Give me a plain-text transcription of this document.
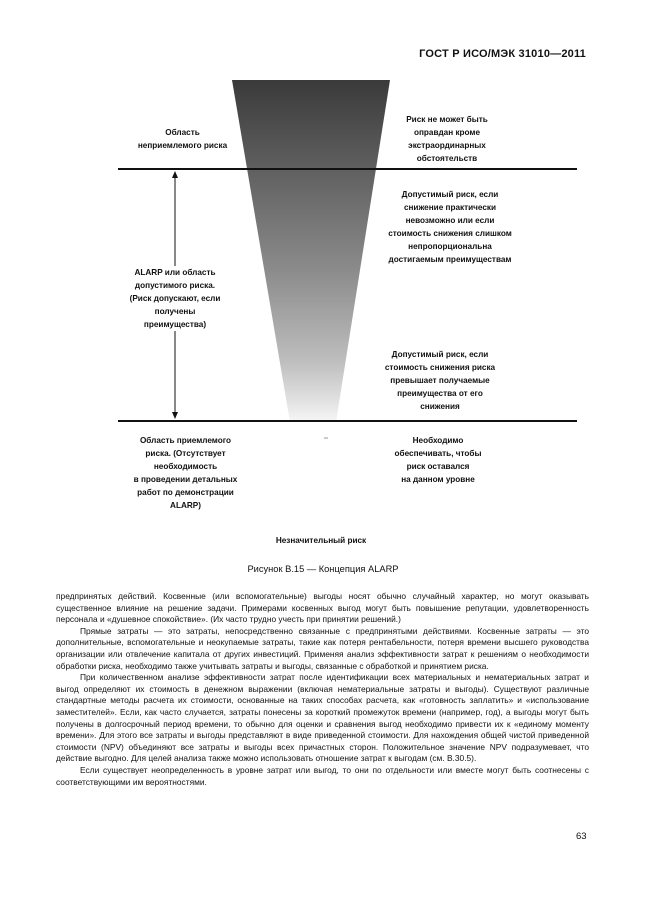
ГОСТ Р ИСО/МЭК 31010—2011
Область
неприемлемого риска
Риск не может быть
оправдан кроме
экстраординарных
обстоятельств
ALARP или область
допустимого риска.
(Риск допускают, если
получены
преимущества)
Допустимый риск, если
снижение практически
невозможно или если
стоимость снижения слишком
непропорциональна
достигаемым преимуществам
Допустимый риск, если
стоимость снижения риска
превышает получаемые
преимущества от его
снижения
Область приемлемого
риска. (Отсутствует
необходимость
в проведении детальных
работ по демонстрации
ALARP)
Необходимо
обеспечивать, чтобы
риск оставался
на данном уровне
Незначительный риск
Рисунок В.15 — Концепция ALARP

предпринятых действий. Косвенные (или вспомогательные) выгоды носят обычно случайный характер, но могут оказывать существенное влияние на решение задачи. Примерами косвенных выгод могут быть повышение репутации, удовлетворенность персонала и «душевное спокойствие». (Их часто трудно учесть при принятии решений.)

Прямые затраты — это затраты, непосредственно связанные с предпринятыми действиями. Косвенные затраты — это дополнительные, вспомогательные и неокупаемые затраты, такие как потеря рентабельности, потеря времени высшего руководства организации или отвлечение капитала от других инвестиций. Применяя анализ эффективности затрат к решениям о необходимости обработки риска, необходимо также учитывать затраты и выгоды, связанные с обработкой и принятием риска.

При количественном анализе эффективности затрат после идентификации всех материальных и нематериальных затрат и выгод определяют их стоимость в денежном выражении (включая нематериальные затраты и выгоды). Существуют различные стандартные методы расчета их стоимости, основанные на таких способах расчета, как «готовность заплатить» и «использование заместителей». Если, как часто случается, затраты понесены за короткий промежуток времени (например, год), а выгоды могут быть получены в долгосрочный период времени, то обычно для оценки и сравнения выгод необходимо привести их к «единому моменту времени». Для этого все затраты и выгоды представляют в виде приведенной стоимости. Для нахождения общей чистой приведенной стоимости (NPV) объединяют все затраты и выгоды всех причастных сторон. Положительное значение NPV подразумевает, что действие выгодно. Для целей анализа также можно использовать отношение затрат к выгодам (см. В.30.5).

Если существует неопределенность в уровне затрат или выгод, то они по отдельности или вместе могут быть соотнесены с соответствующими им вероятностями.

63
